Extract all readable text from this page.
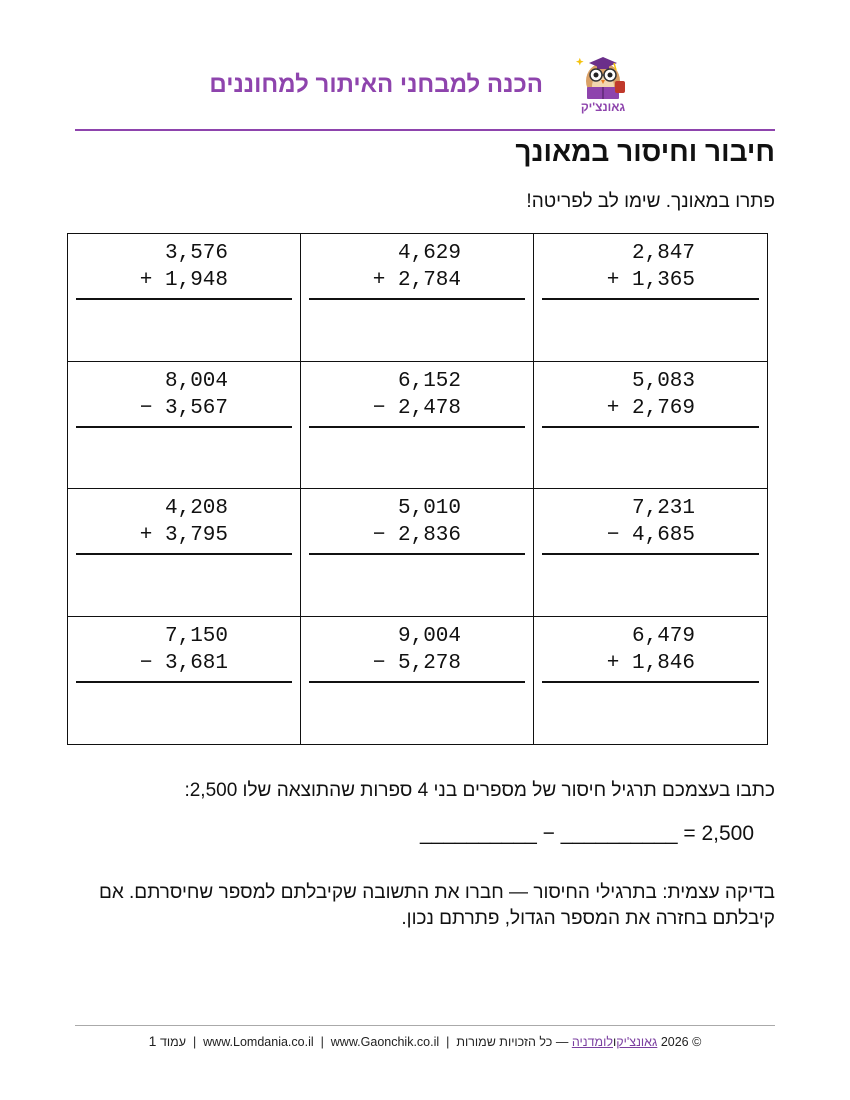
גאונצ'יק
הכנה למבחני האיתור למחוננים
חיבור וחיסור במאונך
פתרו במאונך. שימו לב לפריטה!
3,576
+ 1,948
4,629
+ 2,784
2,847
+ 1,365
8,004
− 3,567
6,152
− 2,478
5,083
+ 2,769
4,208
+ 3,795
5,010
− 2,836
7,231
− 4,685
7,150
− 3,681
9,004
− 5,278
6,479
+ 1,846
כתבו בעצמכם תרגיל חיסור של מספרים בני 4 ספרות שהתוצאה שלו 2,500:
__________ − __________ = 2,500
בדיקה עצמית: בתרגילי החיסור — חברו את התשובה שקיבלתם למספר שחיסרתם. אם קיבלתם בחזרה את המספר הגדול, פתרתם נכון.
© 2026 גאונצ'יקולומדניה — כל הזכויות שמורות  |  www.Lomdania.co.il | www.Gaonchik.co.il  |  עמוד 1
